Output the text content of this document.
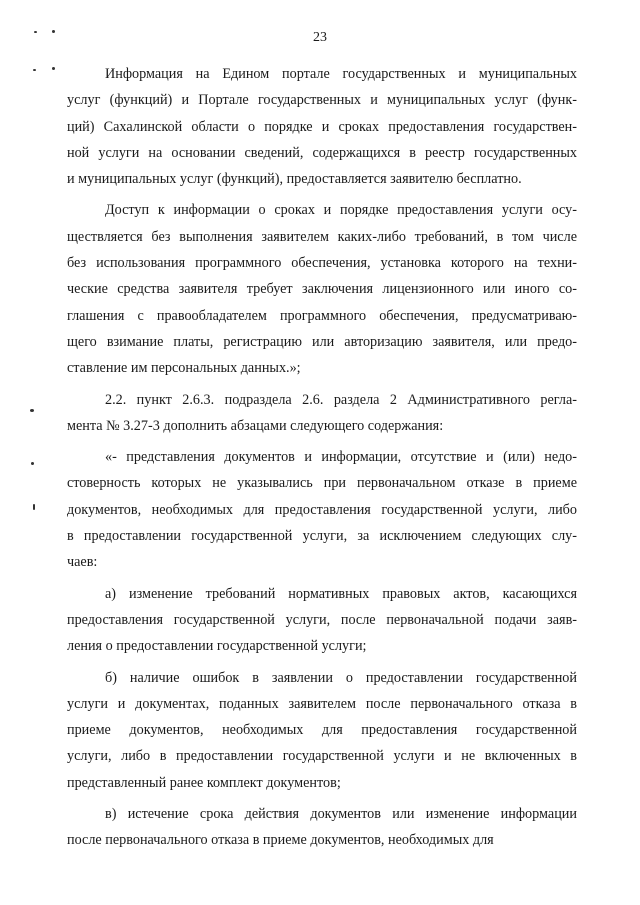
23

Информация на Едином портале государственных и муниципальных

услуг (функций) и Портале государственных и муниципальных услуг (функ-

ций) Сахалинской области о порядке и сроках предоставления государствен-

ной услуги на основании сведений, содержащихся в реестр государственных

и муниципальных услуг (функций), предоставляется заявителю бесплатно.

Доступ к информации о сроках и порядке предоставления услуги осу-

ществляется без выполнения заявителем каких-либо требований, в том числе

без использования программного обеспечения, установка которого на техни-

ческие средства заявителя требует заключения лицензионного или иного со-

глашения с правообладателем программного обеспечения, предусматриваю-

щего взимание платы, регистрацию или авторизацию заявителя, или предо-

ставление им персональных данных.»;

2.2. пункт 2.6.3. подраздела 2.6. раздела 2 Административного регла-

мента № 3.27-3 дополнить абзацами следующего содержания:

«- представления документов и информации, отсутствие и (или) недо-

стоверность которых не указывались при первоначальном отказе в приеме

документов, необходимых для предоставления государственной услуги, либо

в предоставлении государственной услуги, за исключением следующих слу-

чаев:

а) изменение требований нормативных правовых актов, касающихся

предоставления государственной услуги, после первоначальной подачи заяв-

ления о предоставлении государственной услуги;

б) наличие ошибок в заявлении о предоставлении государственной

услуги и документах, поданных заявителем после первоначального отказа в

приеме документов, необходимых для предоставления государственной

услуги, либо в предоставлении государственной услуги и не включенных в

представленный ранее комплект документов;

в) истечение срока действия документов или изменение информации

после первоначального отказа в приеме документов, необходимых для
